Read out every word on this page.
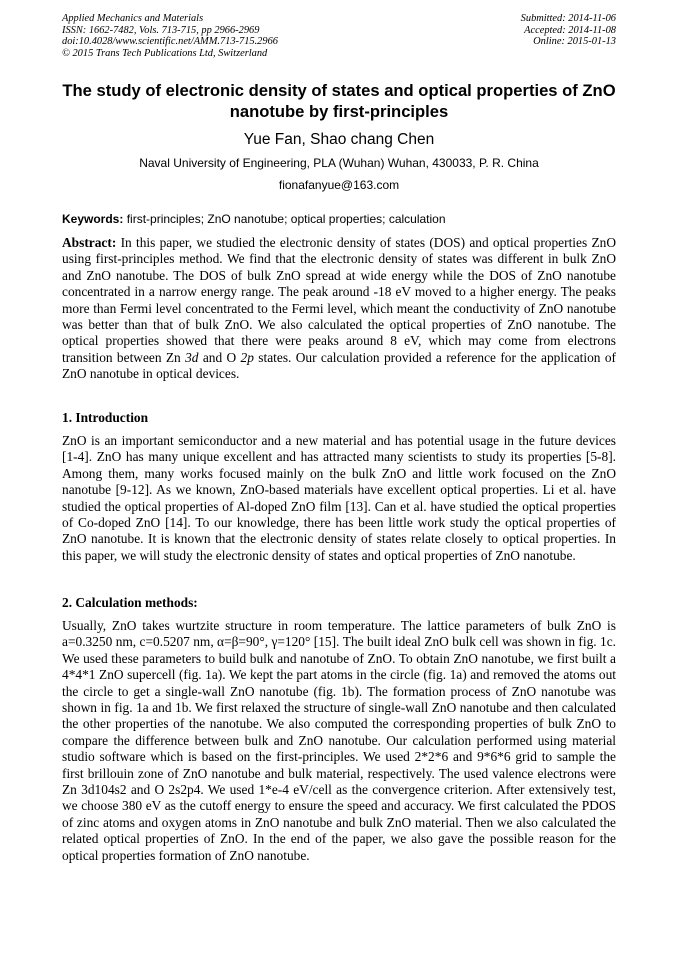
Applied Mechanics and Materials
ISSN: 1662-7482, Vols. 713-715, pp 2966-2969
doi:10.4028/www.scientific.net/AMM.713-715.2966
© 2015 Trans Tech Publications Ltd, Switzerland
Submitted: 2014-11-06
Accepted: 2014-11-08
Online: 2015-01-13
The study of electronic density of states and optical properties of ZnO nanotube by first-principles
Yue Fan, Shao chang Chen
Naval University of Engineering, PLA (Wuhan) Wuhan, 430033, P. R. China
fionafanyue@163.com
Keywords: first-principles; ZnO nanotube; optical properties; calculation
Abstract: In this paper, we studied the electronic density of states (DOS) and optical properties ZnO using first-principles method. We find that the electronic density of states was different in bulk ZnO and ZnO nanotube. The DOS of bulk ZnO spread at wide energy while the DOS of ZnO nanotube concentrated in a narrow energy range. The peak around -18 eV moved to a higher energy. The peaks more than Fermi level concentrated to the Fermi level, which meant the conductivity of ZnO nanotube was better than that of bulk ZnO. We also calculated the optical properties of ZnO nanotube. The optical properties showed that there were peaks around 8 eV, which may come from electrons transition between Zn 3d and O 2p states. Our calculation provided a reference for the application of ZnO nanotube in optical devices.
1. Introduction
ZnO is an important semiconductor and a new material and has potential usage in the future devices [1-4]. ZnO has many unique excellent and has attracted many scientists to study its properties [5-8]. Among them, many works focused mainly on the bulk ZnO and little work focused on the ZnO nanotube [9-12]. As we known, ZnO-based materials have excellent optical properties. Li et al. have studied the optical properties of Al-doped ZnO film [13]. Can et al. have studied the optical properties of Co-doped ZnO [14]. To our knowledge, there has been little work study the optical properties of ZnO nanotube. It is known that the electronic density of states relate closely to optical properties. In this paper, we will study the electronic density of states and optical properties of ZnO nanotube.
2. Calculation methods:
Usually, ZnO takes wurtzite structure in room temperature. The lattice parameters of bulk ZnO is a=0.3250 nm, c=0.5207 nm, α=β=90°, γ=120° [15]. The built ideal ZnO bulk cell was shown in fig. 1c. We used these parameters to build bulk and nanotube of ZnO. To obtain ZnO nanotube, we first built a 4*4*1 ZnO supercell (fig. 1a). We kept the part atoms in the circle (fig. 1a) and removed the atoms out the circle to get a single-wall ZnO nanotube (fig. 1b). The formation process of ZnO nanotube was shown in fig. 1a and 1b. We first relaxed the structure of single-wall ZnO nanotube and then calculated the other properties of the nanotube. We also computed the corresponding properties of bulk ZnO to compare the difference between bulk and ZnO nanotube. Our calculation performed using material studio software which is based on the first-principles. We used 2*2*6 and 9*6*6 grid to sample the first brillouin zone of ZnO nanotube and bulk material, respectively. The used valence electrons were Zn 3d104s2 and O 2s2p4. We used 1*e-4 eV/cell as the convergence criterion. After extensively test, we choose 380 eV as the cutoff energy to ensure the speed and accuracy. We first calculated the PDOS of zinc atoms and oxygen atoms in ZnO nanotube and bulk ZnO material. Then we also calculated the related optical properties of ZnO. In the end of the paper, we also gave the possible reason for the optical properties formation of ZnO nanotube.
